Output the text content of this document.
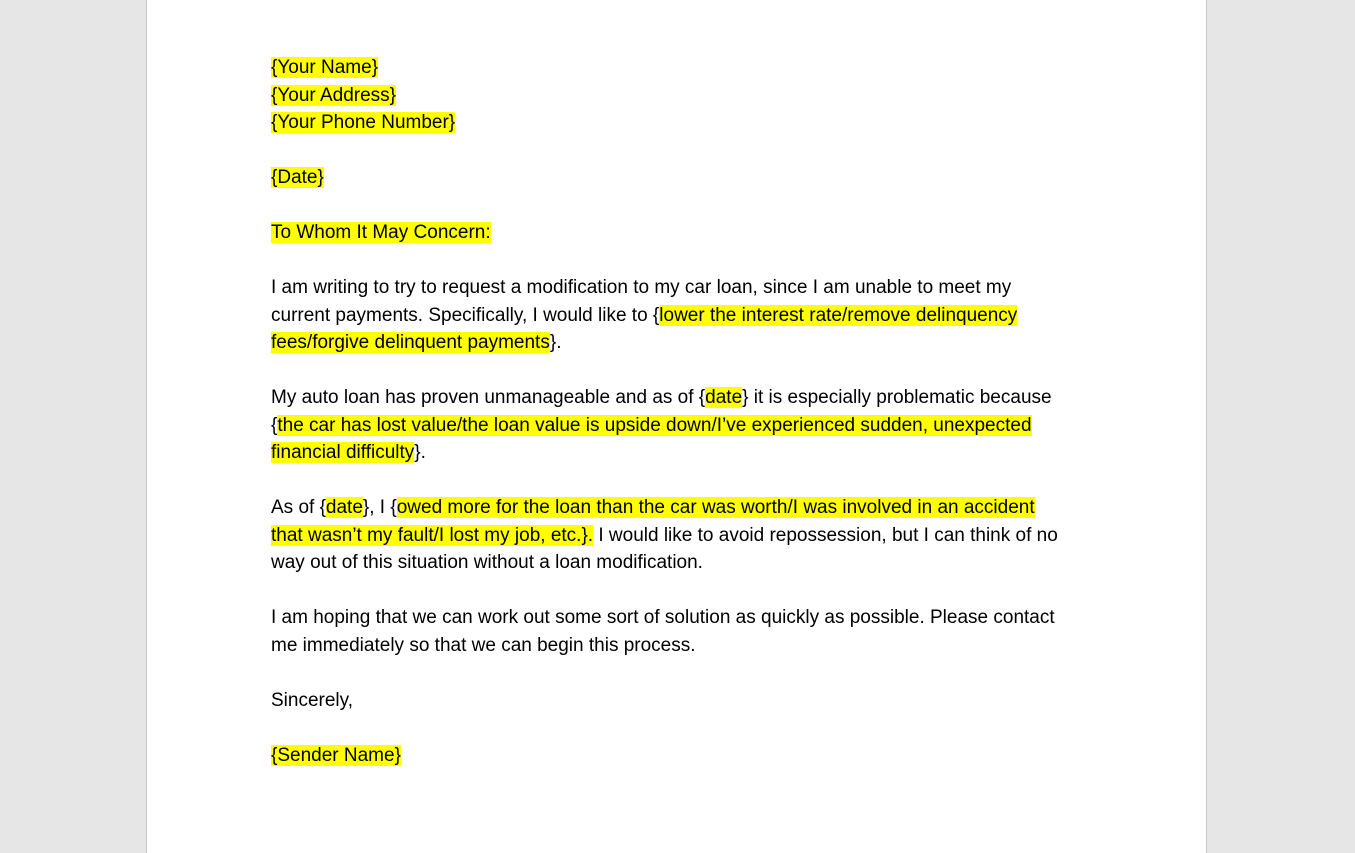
{Your Name}
{Your Address}
{Your Phone Number}
{Date}
To Whom It May Concern:
I am writing to try to request a modification to my car loan, since I am unable to meet my
current payments. Specifically, I would like to {lower the interest rate/remove delinquency
fees/forgive delinquent payments}.
My auto loan has proven unmanageable and as of {date} it is especially problematic because
{the car has lost value/the loan value is upside down/I’ve experienced sudden, unexpected
financial difficulty}.
As of {date}, I {owed more for the loan than the car was worth/I was involved in an accident
that wasn’t my fault/I lost my job, etc.}. I would like to avoid repossession, but I can think of no
way out of this situation without a loan modification.
I am hoping that we can work out some sort of solution as quickly as possible. Please contact
me immediately so that we can begin this process.
Sincerely,
{Sender Name}
